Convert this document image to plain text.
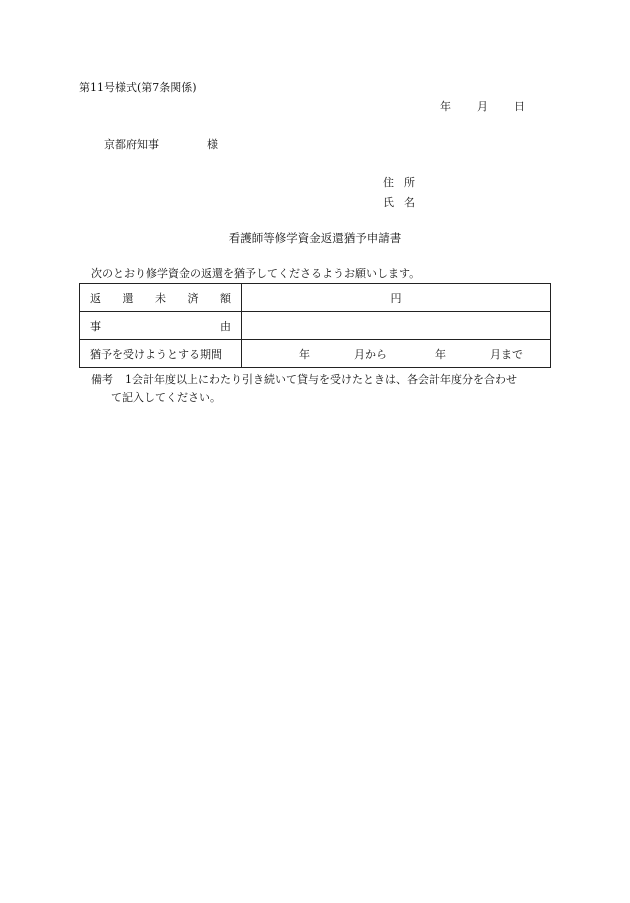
第11号様式(第7条関係)
年 月 日
京都府知事	様
住所
氏名
看護師等修学資金返還猶予申請書
次のとおり修学資金の返還を猶予してくださるようお願いします。
返 還 未 済 額	円

事 由	

猶予を受けようとする期間	年 月から 年 月まで
備考 1会計年度以上にわたり引き続いて貸与を受けたときは、各会計年度分を合わせ
て記入してください。
